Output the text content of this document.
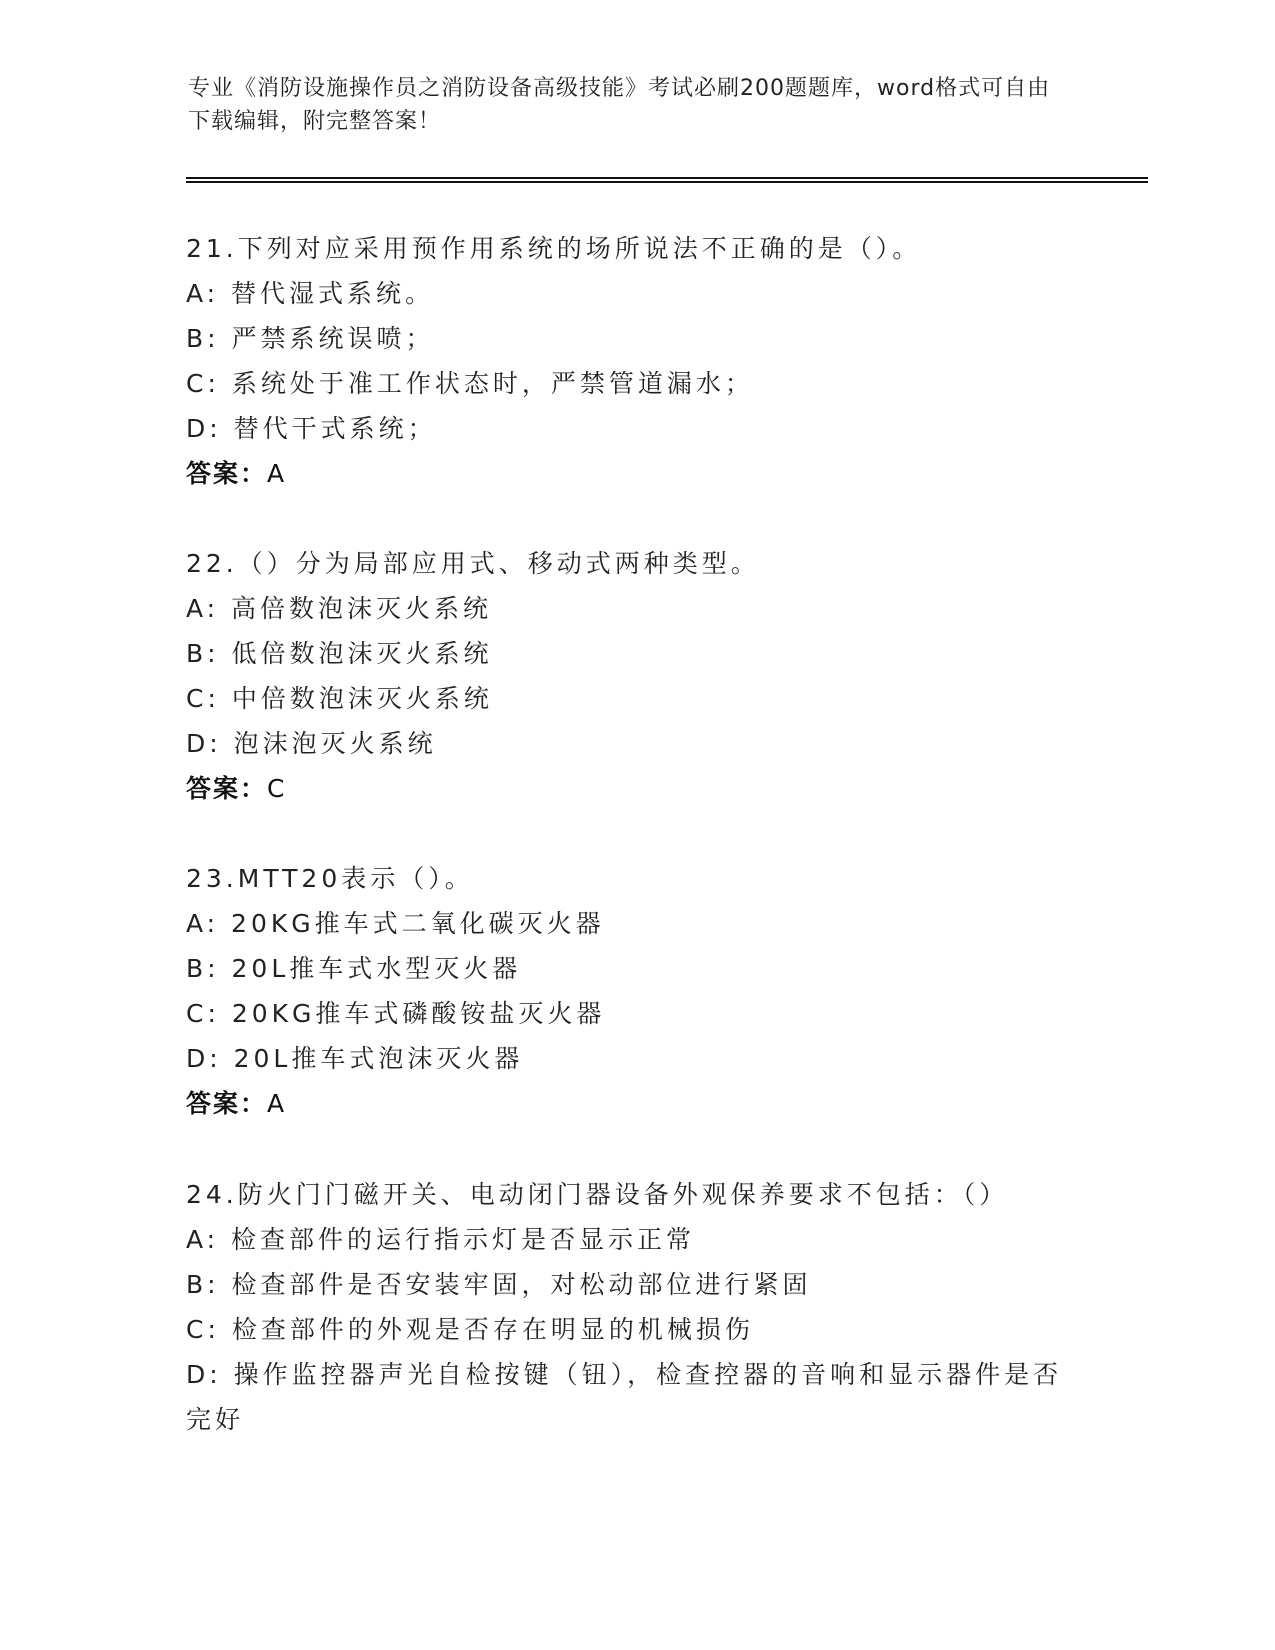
专业《消防设施操作员之消防设备高级技能》考试必刷200题题库，word格式可自由下载编辑，附完整答案！
21.下列对应采用预作用系统的场所说法不正确的是（）。
A: 替代湿式系统。
B: 严禁系统误喷；
C: 系统处于准工作状态时，严禁管道漏水；
D: 替代干式系统；
答案：A
22.（）分为局部应用式、移动式两种类型。
A: 高倍数泡沫灭火系统
B: 低倍数泡沫灭火系统
C: 中倍数泡沫灭火系统
D: 泡沫泡灭火系统
答案：C
23.MTT20表示（）。
A: 20KG推车式二氧化碳灭火器
B: 20L推车式水型灭火器
C: 20KG推车式磷酸铵盐灭火器
D: 20L推车式泡沫灭火器
答案：A
24.防火门门磁开关、电动闭门器设备外观保养要求不包括：（）
A: 检查部件的运行指示灯是否显示正常
B: 检查部件是否安装牢固，对松动部位进行紧固
C: 检查部件的外观是否存在明显的机械损伤
D: 操作监控器声光自检按键（钮），检查控器的音响和显示器件是否完好
